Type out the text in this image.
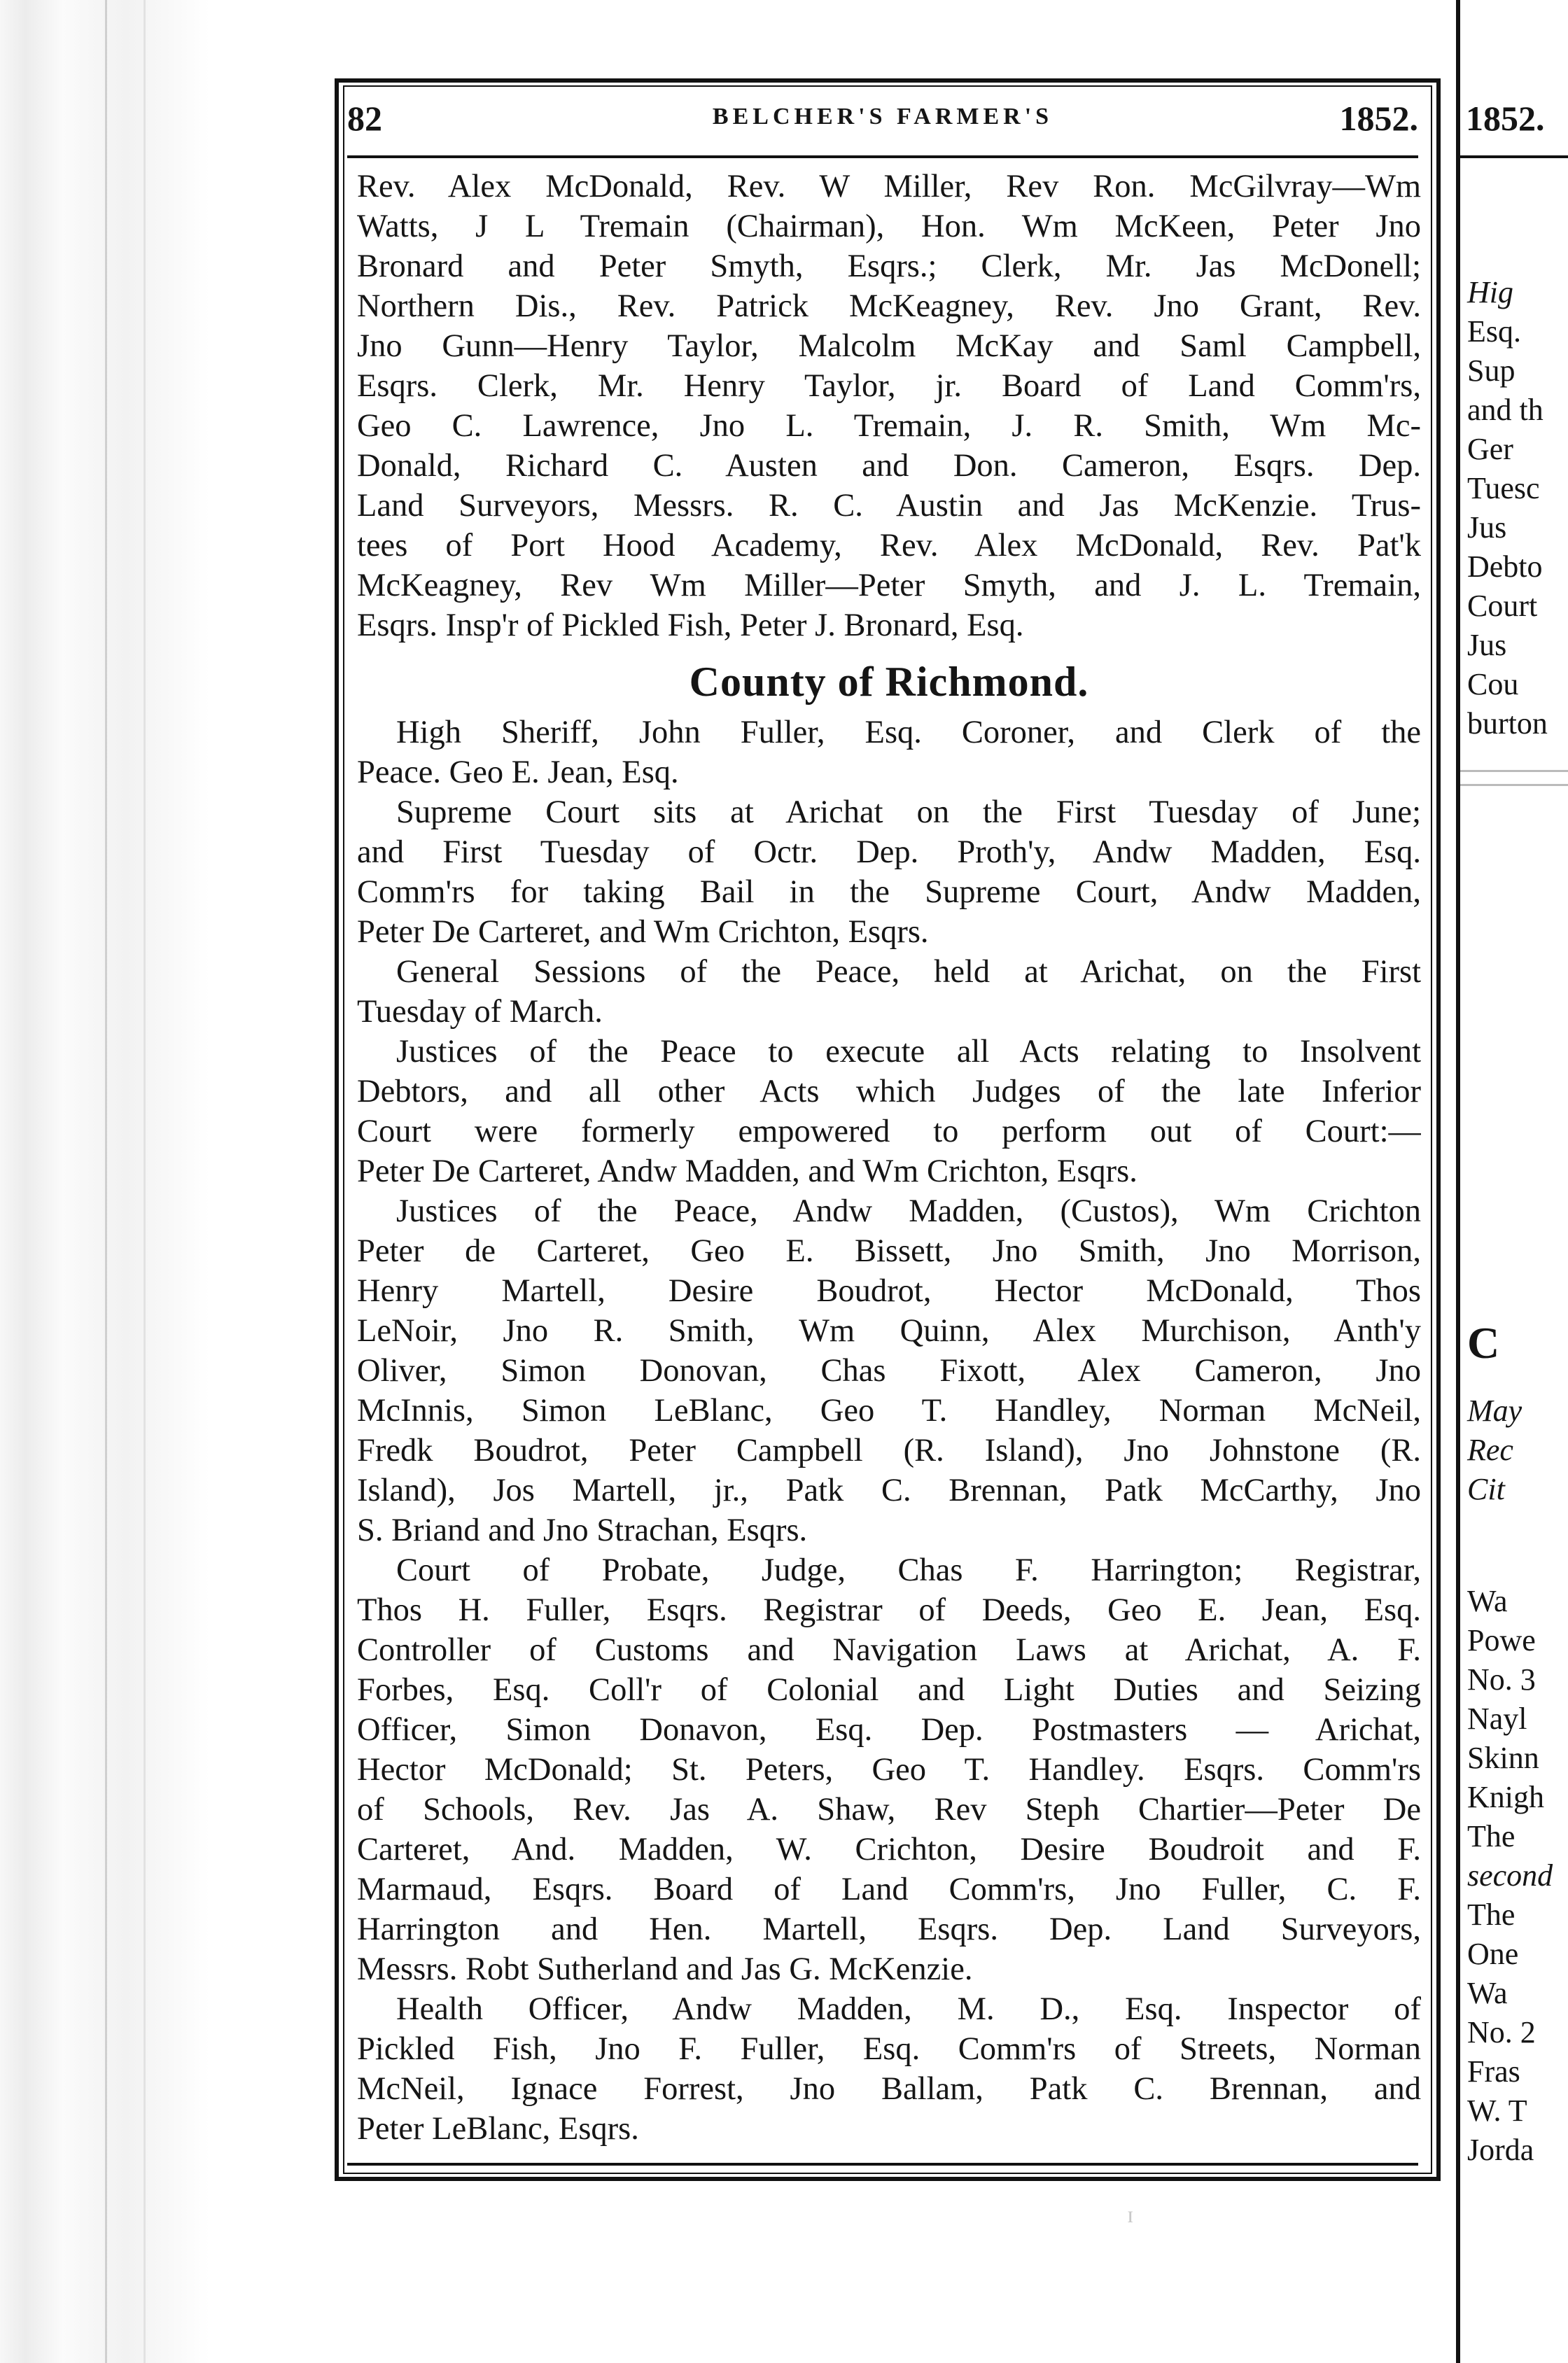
82	BELCHER'S FARMER'S	1852.
Rev. Alex McDonald, Rev. W Miller, Rev Ron. McGilvray—Wm
Watts, J L Tremain (Chairman), Hon. Wm McKeen, Peter Jno
Bronard and Peter Smyth, Esqrs.; Clerk, Mr. Jas McDonell;
Northern Dis., Rev. Patrick McKeagney, Rev. Jno Grant, Rev.
Jno Gunn—Henry Taylor, Malcolm McKay and Saml Campbell,
Esqrs. Clerk, Mr. Henry Taylor, jr. Board of Land Comm'rs,
Geo C. Lawrence, Jno L. Tremain, J. R. Smith, Wm Mc-
Donald, Richard C. Austen and Don. Cameron, Esqrs. Dep.
Land Surveyors, Messrs. R. C. Austin and Jas McKenzie. Trus-
tees of Port Hood Academy, Rev. Alex McDonald, Rev. Pat'k
McKeagney, Rev Wm Miller—Peter Smyth, and J. L. Tremain,
Esqrs. Insp'r of Pickled Fish, Peter J. Bronard, Esq.
County of Richmond.
High Sheriff, John Fuller, Esq. Coroner, and Clerk of the
Peace. Geo E. Jean, Esq.
Supreme Court sits at Arichat on the First Tuesday of June;
and First Tuesday of Octr. Dep. Proth'y, Andw Madden, Esq.
Comm'rs for taking Bail in the Supreme Court, Andw Madden,
Peter De Carteret, and Wm Crichton, Esqrs.
General Sessions of the Peace, held at Arichat, on the First
Tuesday of March.
Justices of the Peace to execute all Acts relating to Insolvent
Debtors, and all other Acts which Judges of the late Inferior
Court were formerly empowered to perform out of Court:—
Peter De Carteret, Andw Madden, and Wm Crichton, Esqrs.
Justices of the Peace, Andw Madden, (Custos), Wm Crichton
Peter de Carteret, Geo E. Bissett, Jno Smith, Jno Morrison,
Henry Martell, Desire Boudrot, Hector McDonald, Thos
LeNoir, Jno R. Smith, Wm Quinn, Alex Murchison, Anth'y
Oliver, Simon Donovan, Chas Fixott, Alex Cameron, Jno
McInnis, Simon LeBlanc, Geo T. Handley, Norman McNeil,
Fredk Boudrot, Peter Campbell (R. Island), Jno Johnstone (R.
Island), Jos Martell, jr., Patk C. Brennan, Patk McCarthy, Jno
S. Briand and Jno Strachan, Esqrs.
Court of Probate, Judge, Chas F. Harrington; Registrar,
Thos H. Fuller, Esqrs. Registrar of Deeds, Geo E. Jean, Esq.
Controller of Customs and Navigation Laws at Arichat, A. F.
Forbes, Esq. Coll'r of Colonial and Light Duties and Seizing
Officer, Simon Donavon, Esq. Dep. Postmasters — Arichat,
Hector McDonald; St. Peters, Geo T. Handley. Esqrs. Comm'rs
of Schools, Rev. Jas A. Shaw, Rev Steph Chartier—Peter De
Carteret, And. Madden, W. Crichton, Desire Boudroit and F.
Marmaud, Esqrs. Board of Land Comm'rs, Jno Fuller, C. F.
Harrington and Hen. Martell, Esqrs. Dep. Land Surveyors,
Messrs. Robt Sutherland and Jas G. McKenzie.
Health Officer, Andw Madden, M. D., Esq. Inspector of
Pickled Fish, Jno F. Fuller, Esq. Comm'rs of Streets, Norman
McNeil, Ignace Forrest, Jno Ballam, Patk C. Brennan, and
Peter LeBlanc, Esqrs.
ɪ
1852.
Hig
Esq.
Sup
and th
Ger
Tuesc
Jus
Debto
Court
Jus
Cou
burton
C
May
Rec
Cit
Wa
Powe
No. 3
Nayl
Skinn
Knigh
The
second
The
One
Wa
No. 2
Fras
W. T
Jorda
